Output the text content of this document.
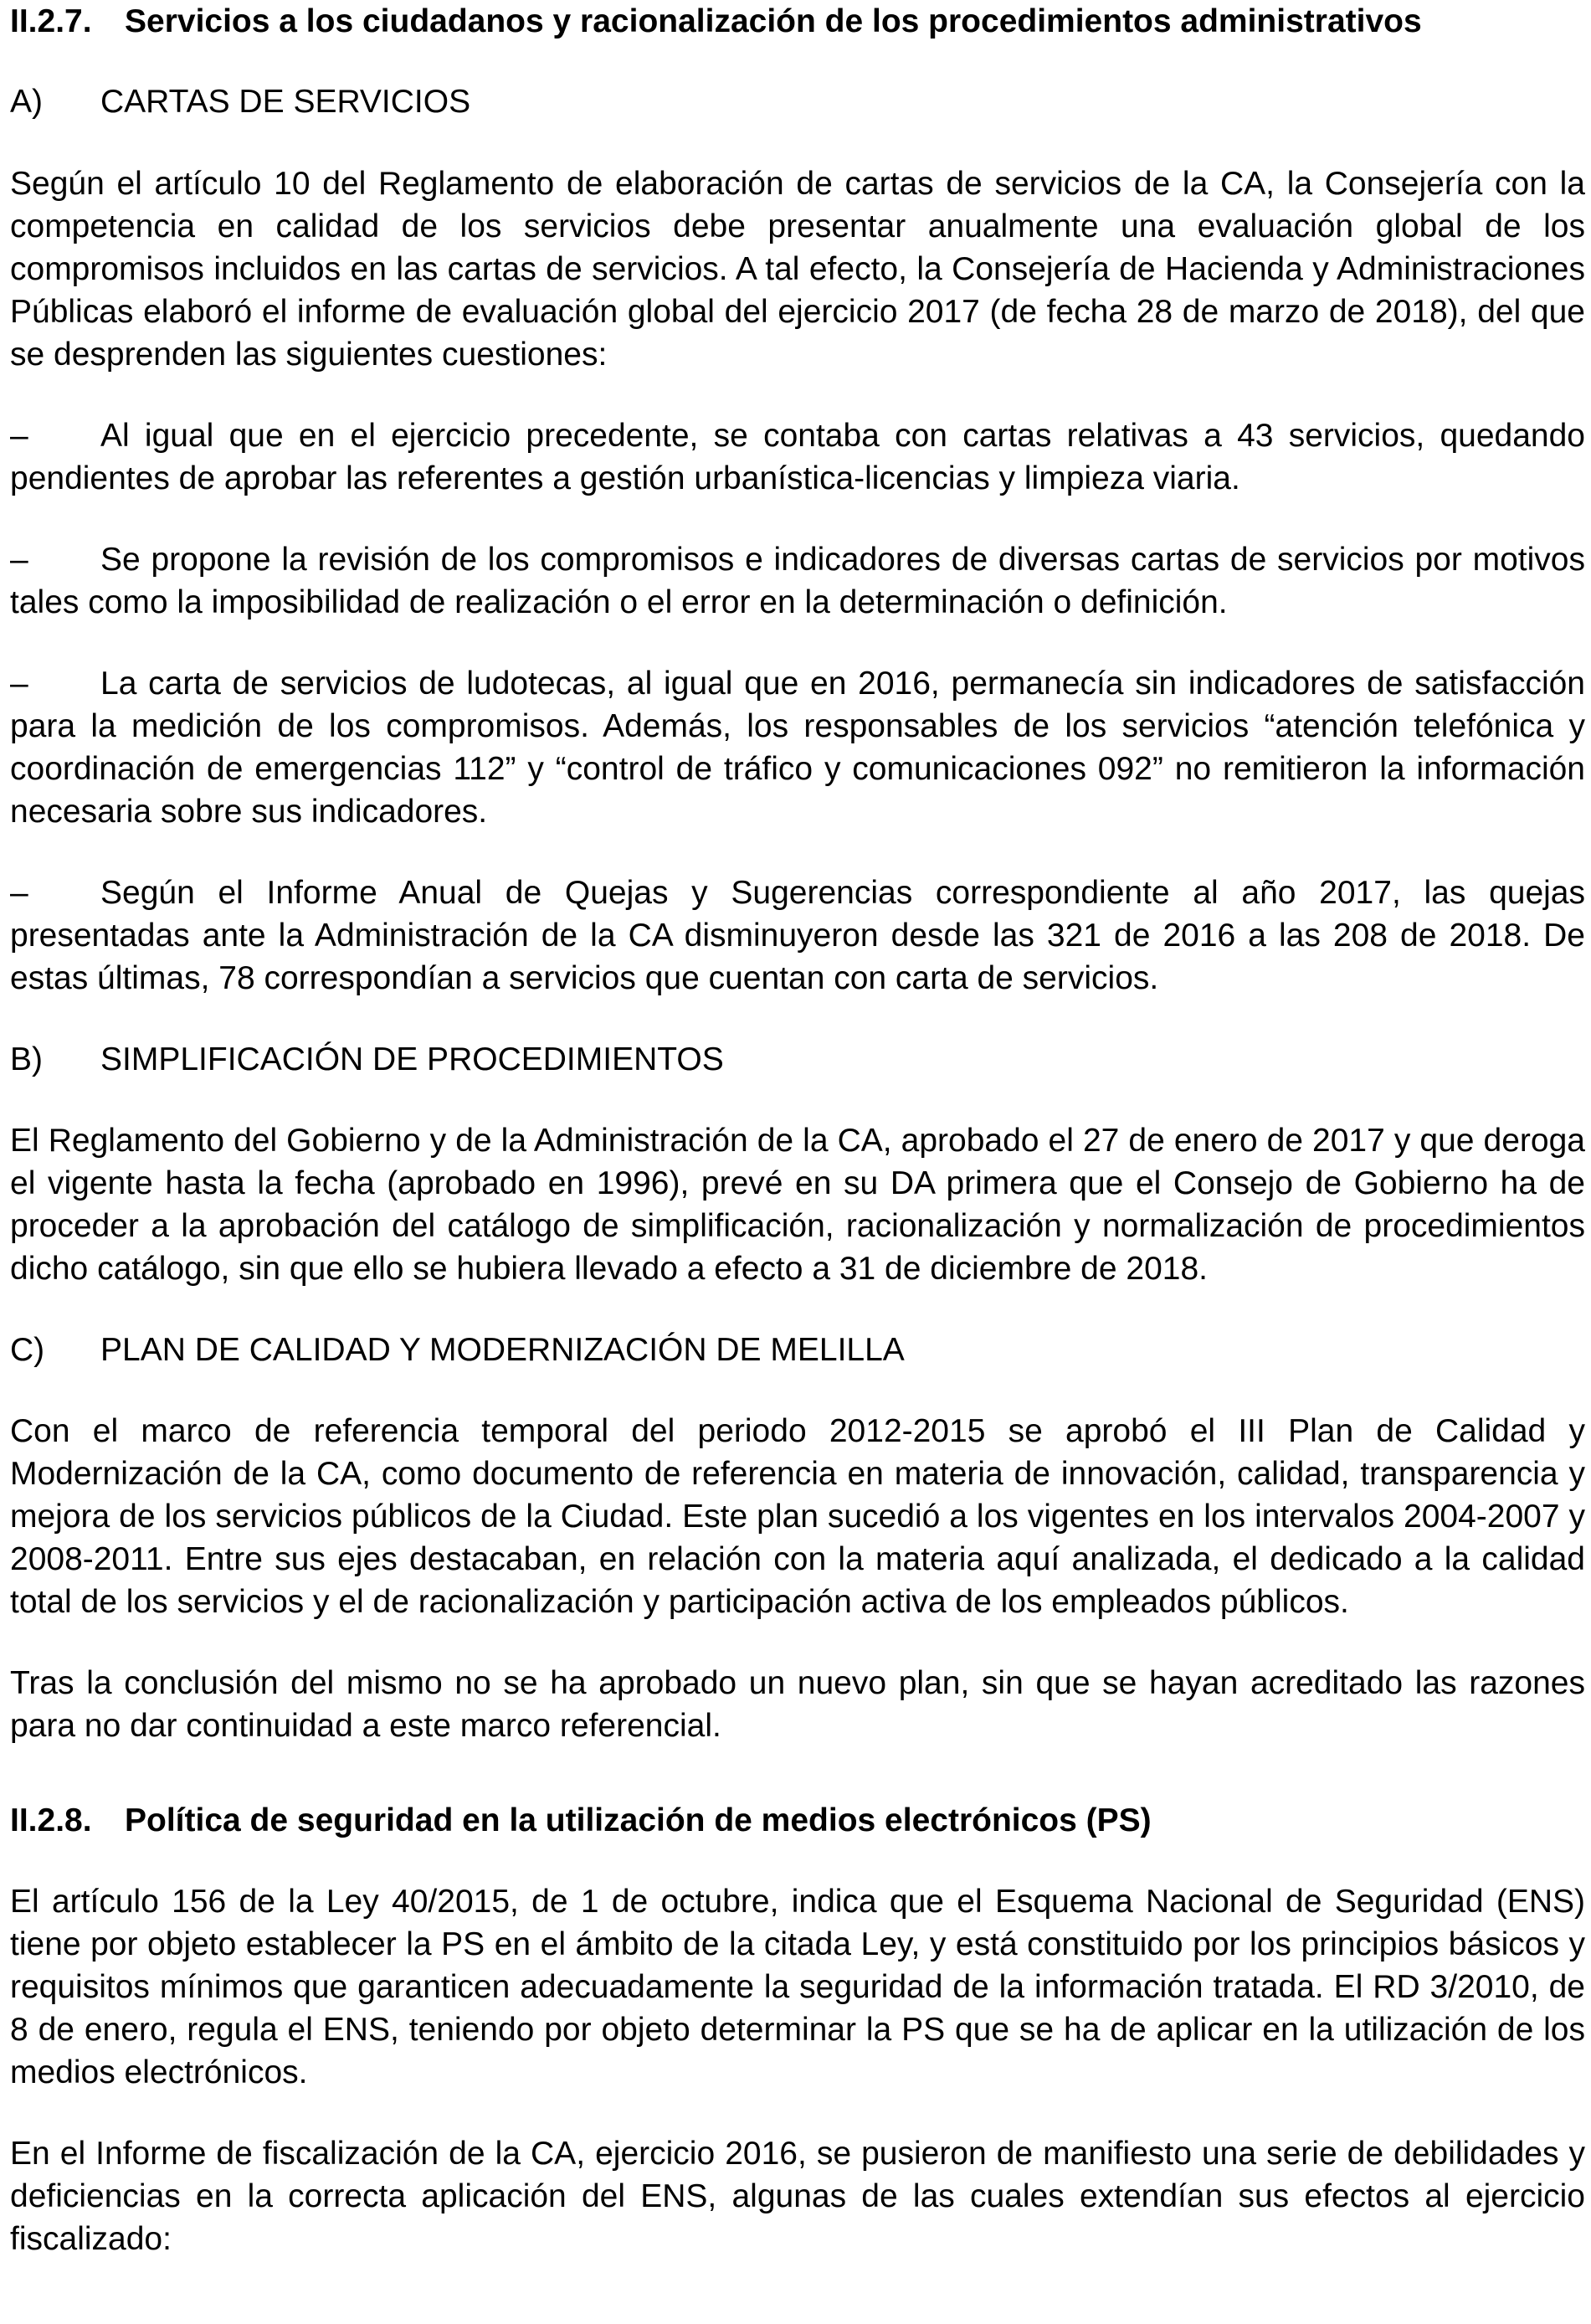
II.2.7.	Servicios a los ciudadanos y racionalización de los procedimientos administrativos
A)	CARTAS DE SERVICIOS

Según el artículo 10 del Reglamento de elaboración de cartas de servicios de la CA, la Consejería con la competencia en calidad de los servicios debe presentar anualmente una evaluación global de los compromisos incluidos en las cartas de servicios. A tal efecto, la Consejería de Hacienda y Administraciones Públicas elaboró el informe de evaluación global del ejercicio 2017 (de fecha 28 de marzo de 2018), del que se desprenden las siguientes cuestiones:

– Al igual que en el ejercicio precedente, se contaba con cartas relativas a 43 servicios, quedando pendientes de aprobar las referentes a gestión urbanística-licencias y limpieza viaria.

– Se propone la revisión de los compromisos e indicadores de diversas cartas de servicios por motivos tales como la imposibilidad de realización o el error en la determinación o definición.

– La carta de servicios de ludotecas, al igual que en 2016, permanecía sin indicadores de satisfacción para la medición de los compromisos. Además, los responsables de los servicios “atención telefónica y coordinación de emergencias 112” y “control de tráfico y comunicaciones 092” no remitieron la información necesaria sobre sus indicadores.

– Según el Informe Anual de Quejas y Sugerencias correspondiente al año 2017, las quejas presentadas ante la Administración de la CA disminuyeron desde las 321 de 2016 a las 208 de 2018. De estas últimas, 78 correspondían a servicios que cuentan con carta de servicios.

B)	SIMPLIFICACIÓN DE PROCEDIMIENTOS

El Reglamento del Gobierno y de la Administración de la CA, aprobado el 27 de enero de 2017 y que deroga el vigente hasta la fecha (aprobado en 1996), prevé en su DA primera que el Consejo de Gobierno ha de proceder a la aprobación del catálogo de simplificación, racionalización y normalización de procedimientos dicho catálogo, sin que ello se hubiera llevado a efecto a 31 de diciembre de 2018.

C)	PLAN DE CALIDAD Y MODERNIZACIÓN DE MELILLA

Con el marco de referencia temporal del periodo 2012-2015 se aprobó el III Plan de Calidad y Modernización de la CA, como documento de referencia en materia de innovación, calidad, transparencia y mejora de los servicios públicos de la Ciudad. Este plan sucedió a los vigentes en los intervalos 2004-2007 y 2008-2011. Entre sus ejes destacaban, en relación con la materia aquí analizada, el dedicado a la calidad total de los servicios y el de racionalización y participación activa de los empleados públicos.

Tras la conclusión del mismo no se ha aprobado un nuevo plan, sin que se hayan acreditado las razones para no dar continuidad a este marco referencial.

II.2.8.	Política de seguridad en la utilización de medios electrónicos (PS)

El artículo 156 de la Ley 40/2015, de 1 de octubre, indica que el Esquema Nacional de Seguridad (ENS) tiene por objeto establecer la PS en el ámbito de la citada Ley, y está constituido por los principios básicos y requisitos mínimos que garanticen adecuadamente la seguridad de la información tratada. El RD 3/2010, de 8 de enero, regula el ENS, teniendo por objeto determinar la PS que se ha de aplicar en la utilización de los medios electrónicos.

En el Informe de fiscalización de la CA, ejercicio 2016, se pusieron de manifiesto una serie de debilidades y deficiencias en la correcta aplicación del ENS, algunas de las cuales extendían sus efectos al ejercicio fiscalizado:
